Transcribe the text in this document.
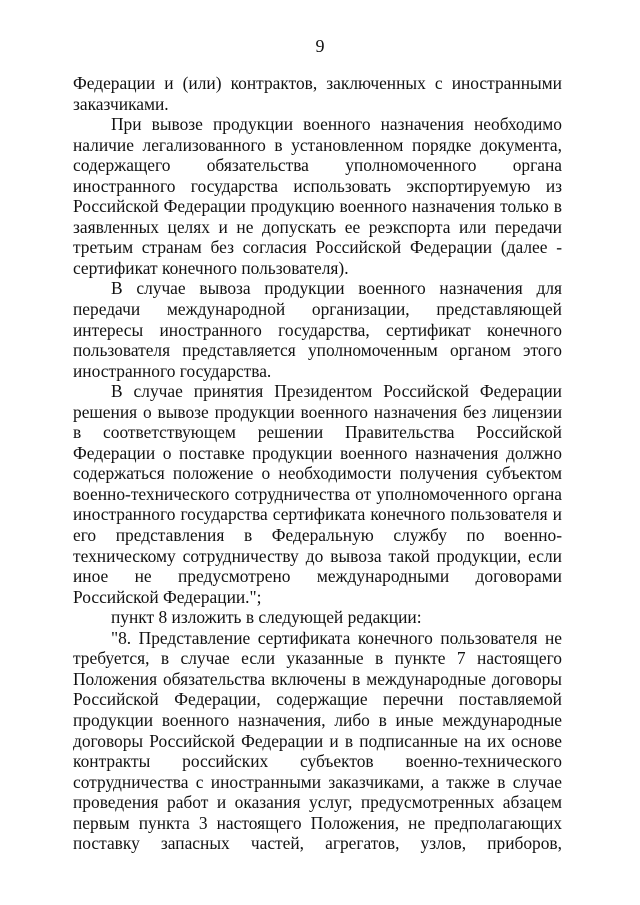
9

Федерации и (или) контрактов, заключенных с иностранными заказчиками.

При вывозе продукции военного назначения необходимо наличие легализованного в установленном порядке документа, содержащего обязательства уполномоченного органа иностранного государства использовать экспортируемую из Российской Федерации продукцию военного назначения только в заявленных целях и не допускать ее реэкспорта или передачи третьим странам без согласия Российской Федерации (далее - сертификат конечного пользователя).

В случае вывоза продукции военного назначения для передачи международной организации, представляющей интересы иностранного государства, сертификат конечного пользователя представляется уполномоченным органом этого иностранного государства.

В случае принятия Президентом Российской Федерации решения о вывозе продукции военного назначения без лицензии в соответствующем решении Правительства Российской Федерации о поставке продукции военного назначения должно содержаться положение о необходимости получения субъектом военно-технического сотрудничества от уполномоченного органа иностранного государства сертификата конечного пользователя и его представления в Федеральную службу по военно-техническому сотрудничеству до вывоза такой продукции, если иное не предусмотрено международными договорами Российской Федерации.";

пункт 8 изложить в следующей редакции:

"8. Представление сертификата конечного пользователя не требуется, в случае если указанные в пункте 7 настоящего Положения обязательства включены в международные договоры Российской Федерации, содержащие перечни поставляемой продукции военного назначения, либо в иные международные договоры Российской Федерации и в подписанные на их основе контракты российских субъектов военно-технического сотрудничества с иностранными заказчиками, а также в случае проведения работ и оказания услуг, предусмотренных абзацем первым пункта 3 настоящего Положения, не предполагающих поставку запасных частей, агрегатов, узлов, приборов,
